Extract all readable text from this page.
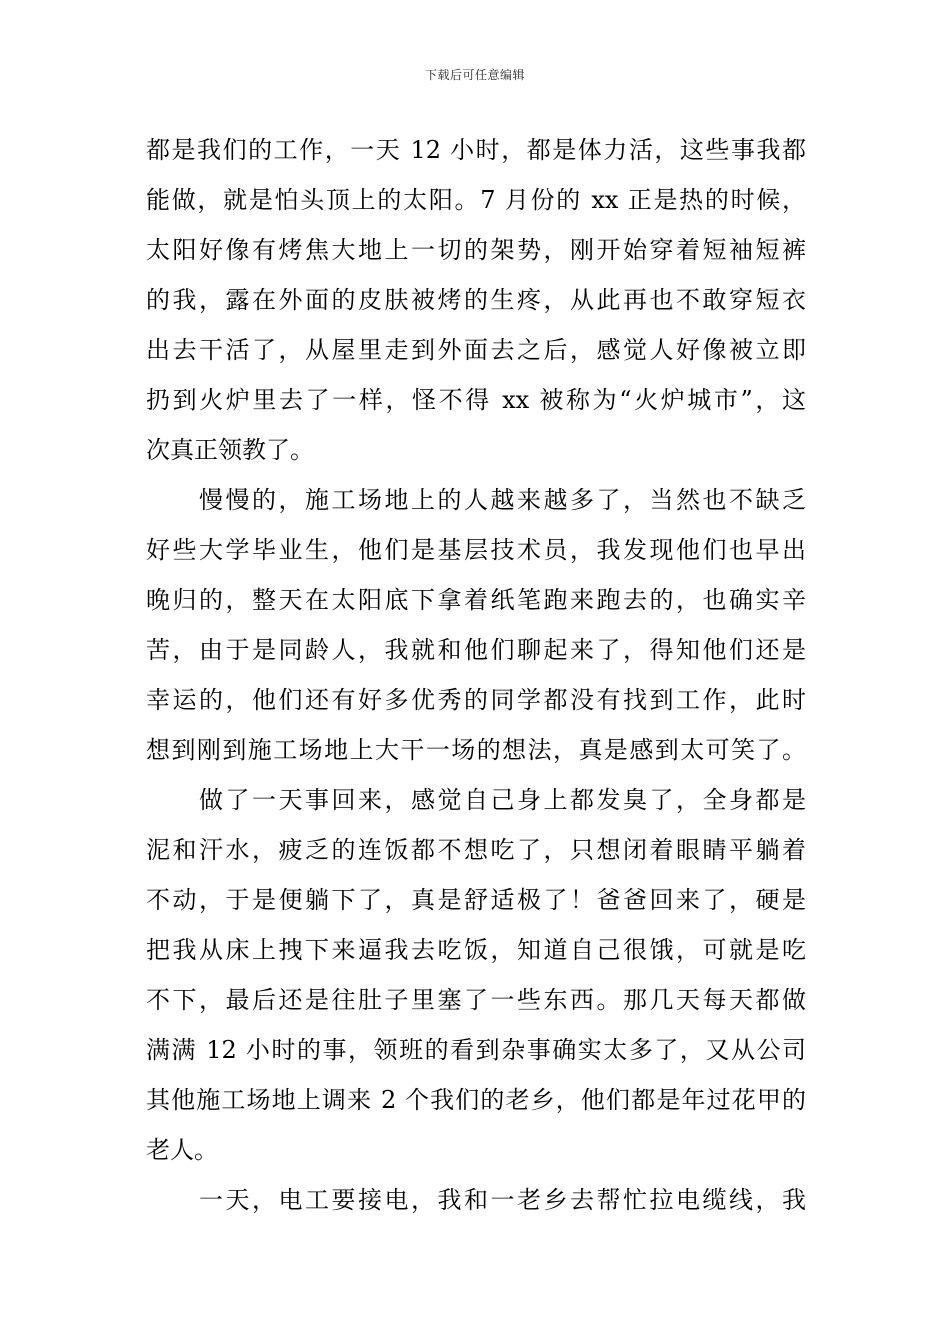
下载后可任意编辑
都是我们的工作，一天 12 小时，都是体力活，这些事我都
能做，就是怕头顶上的太阳。7 月份的 xx 正是热的时候，
太阳好像有烤焦大地上一切的架势，刚开始穿着短袖短裤
的我，露在外面的皮肤被烤的生疼，从此再也不敢穿短衣
出去干活了，从屋里走到外面去之后，感觉人好像被立即
扔到火炉里去了一样，怪不得 xx 被称为“火炉城市”，这
次真正领教了。
　　慢慢的，施工场地上的人越来越多了，当然也不缺乏
好些大学毕业生，他们是基层技术员，我发现他们也早出
晚归的，整天在太阳底下拿着纸笔跑来跑去的，也确实辛
苦，由于是同龄人，我就和他们聊起来了，得知他们还是
幸运的，他们还有好多优秀的同学都没有找到工作，此时
想到刚到施工场地上大干一场的想法，真是感到太可笑了。
　　做了一天事回来，感觉自己身上都发臭了，全身都是
泥和汗水，疲乏的连饭都不想吃了，只想闭着眼睛平躺着
不动，于是便躺下了，真是舒适极了！爸爸回来了，硬是
把我从床上拽下来逼我去吃饭，知道自己很饿，可就是吃
不下，最后还是往肚子里塞了一些东西。那几天每天都做
满满 12 小时的事，领班的看到杂事确实太多了，又从公司
其他施工场地上调来 2 个我们的老乡，他们都是年过花甲的
老人。
　　一天，电工要接电，我和一老乡去帮忙拉电缆线，我
